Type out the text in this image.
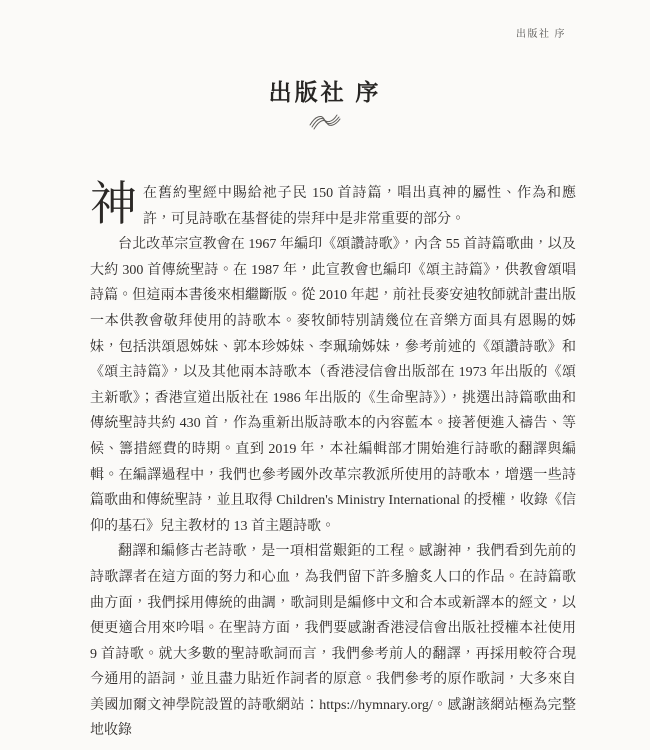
出版社 序
出版社 序

神在舊約聖經中賜給祂子民 150 首詩篇，唱出真神的屬性、作為和應許，可見詩歌在基督徒的崇拜中是非常重要的部分。

台北改革宗宣教會在 1967 年編印《頌讚詩歌》，內含 55 首詩篇歌曲，以及大約 300 首傳統聖詩。在 1987 年，此宣教會也編印《頌主詩篇》，供教會頌唱詩篇。但這兩本書後來相繼斷版。從 2010 年起，前社長麥安迪牧師就計畫出版一本供教會敬拜使用的詩歌本。麥牧師特別請幾位在音樂方面具有恩賜的姊妹，包括洪頌恩姊妹、郭本珍姊妹、李珮瑜姊妹，參考前述的《頌讚詩歌》和《頌主詩篇》，以及其他兩本詩歌本（香港浸信會出版部在 1973 年出版的《頌主新歌》；香港宣道出版社在 1986 年出版的《生命聖詩》），挑選出詩篇歌曲和傳統聖詩共約 430 首，作為重新出版詩歌本的內容藍本。接著便進入禱告、等候、籌措經費的時期。直到 2019 年，本社編輯部才開始進行詩歌的翻譯與編輯。在編譯過程中，我們也參考國外改革宗教派所使用的詩歌本，增選一些詩篇歌曲和傳統聖詩，並且取得 Children's Ministry International 的授權，收錄《信仰的基石》兒主教材的 13 首主題詩歌。

翻譯和編修古老詩歌，是一項相當艱鉅的工程。感謝神，我們看到先前的詩歌譯者在這方面的努力和心血，為我們留下許多膾炙人口的作品。在詩篇歌曲方面，我們採用傳統的曲調，歌詞則是編修中文和合本或新譯本的經文，以便更適合用來吟唱。在聖詩方面，我們要感謝香港浸信會出版社授權本社使用 9 首詩歌。就大多數的聖詩歌詞而言，我們參考前人的翻譯，再採用較符合現今通用的語詞，並且盡力貼近作詞者的原意。我們參考的原作歌詞，大多來自美國加爾文神學院設置的詩歌網站：https://hymnary.org/。感謝該網站極為完整地收錄
